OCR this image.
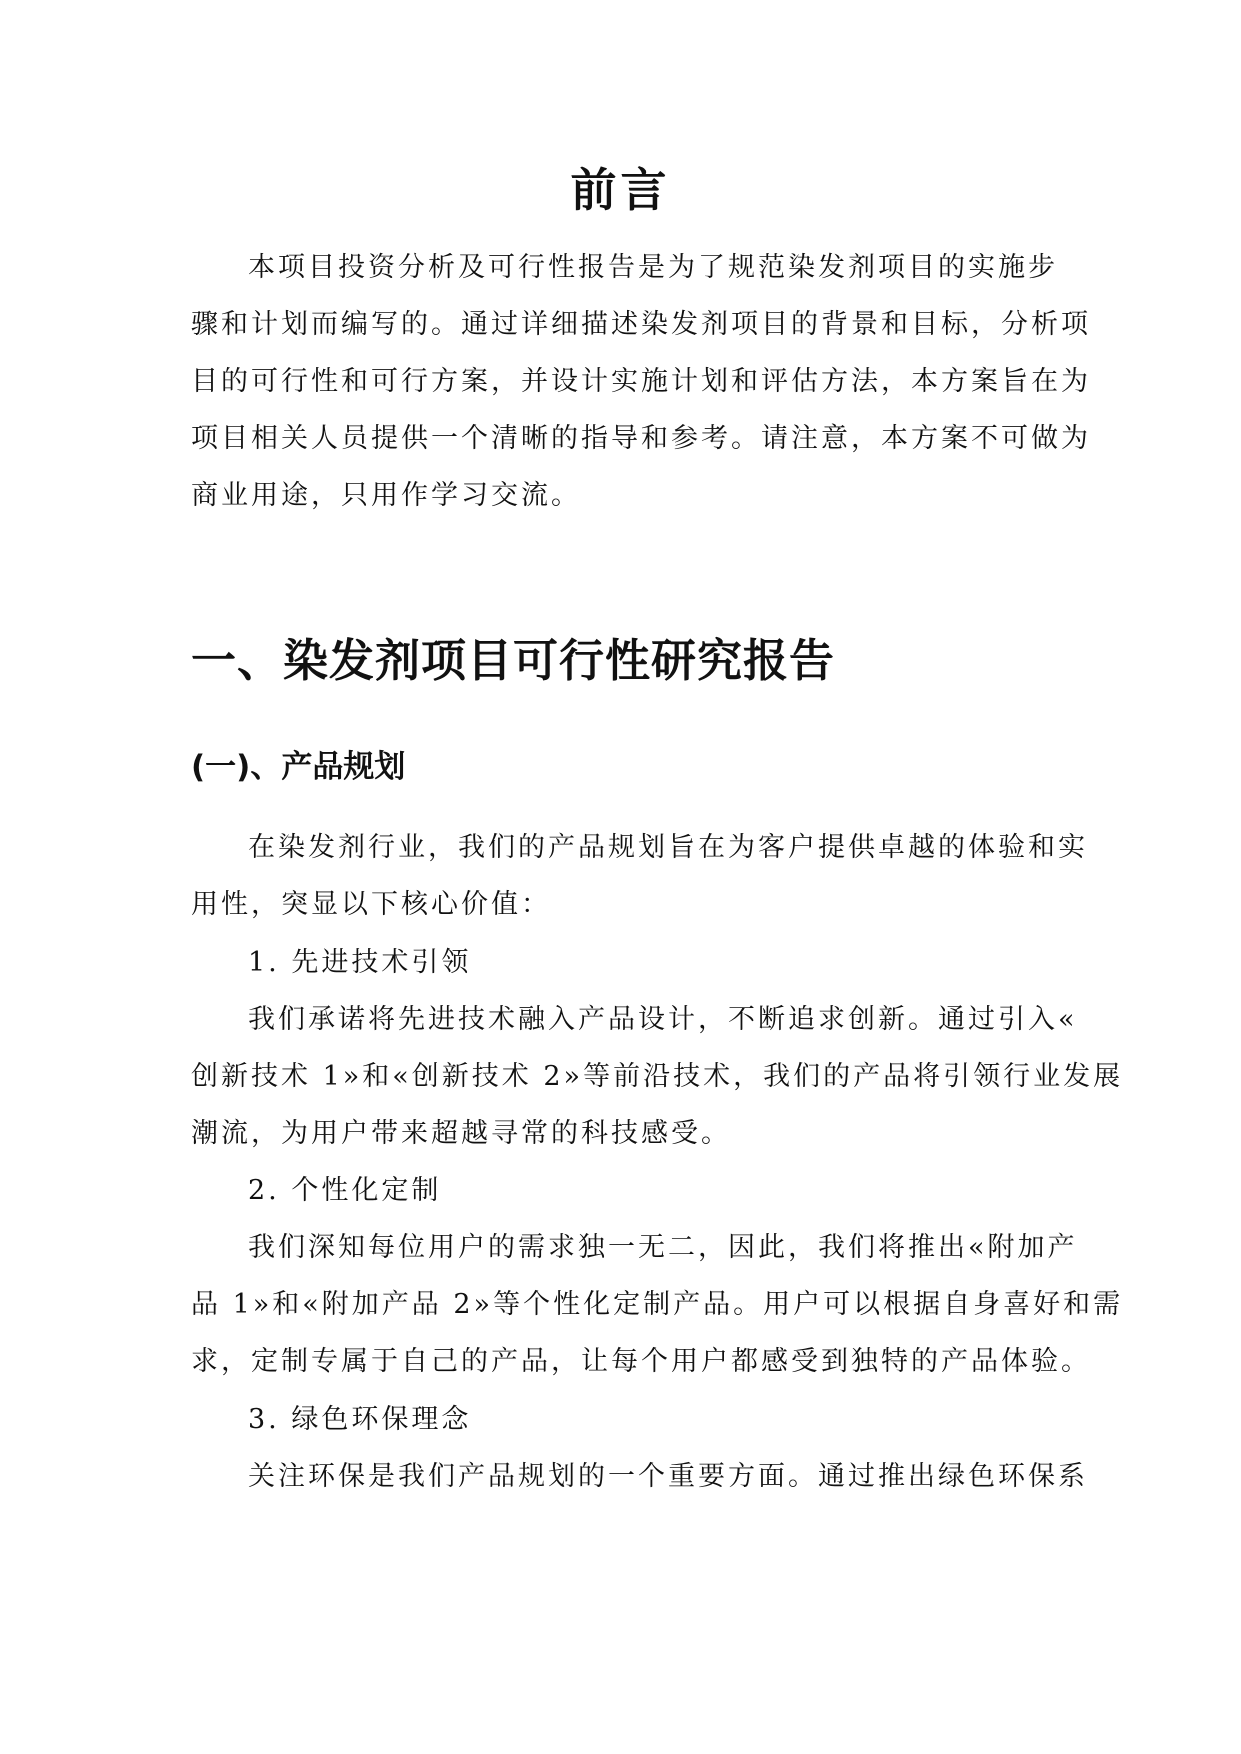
前言

本项目投资分析及可行性报告是为了规范染发剂项目的实施步

骤和计划而编写的。通过详细描述染发剂项目的背景和目标，分析项

目的可行性和可行方案，并设计实施计划和评估方法，本方案旨在为

项目相关人员提供一个清晰的指导和参考。请注意，本方案不可做为

商业用途，只用作学习交流。

一、染发剂项目可行性研究报告
(一)、产品规划

在染发剂行业，我们的产品规划旨在为客户提供卓越的体验和实

用性，突显以下核心价值：

1. 先进技术引领

我们承诺将先进技术融入产品设计，不断追求创新。通过引入«

创新技术 1»和«创新技术 2»等前沿技术，我们的产品将引领行业发展

潮流，为用户带来超越寻常的科技感受。

2. 个性化定制

我们深知每位用户的需求独一无二，因此，我们将推出«附加产

品 1»和«附加产品 2»等个性化定制产品。用户可以根据自身喜好和需

求，定制专属于自己的产品，让每个用户都感受到独特的产品体验。

3. 绿色环保理念

关注环保是我们产品规划的一个重要方面。通过推出绿色环保系
